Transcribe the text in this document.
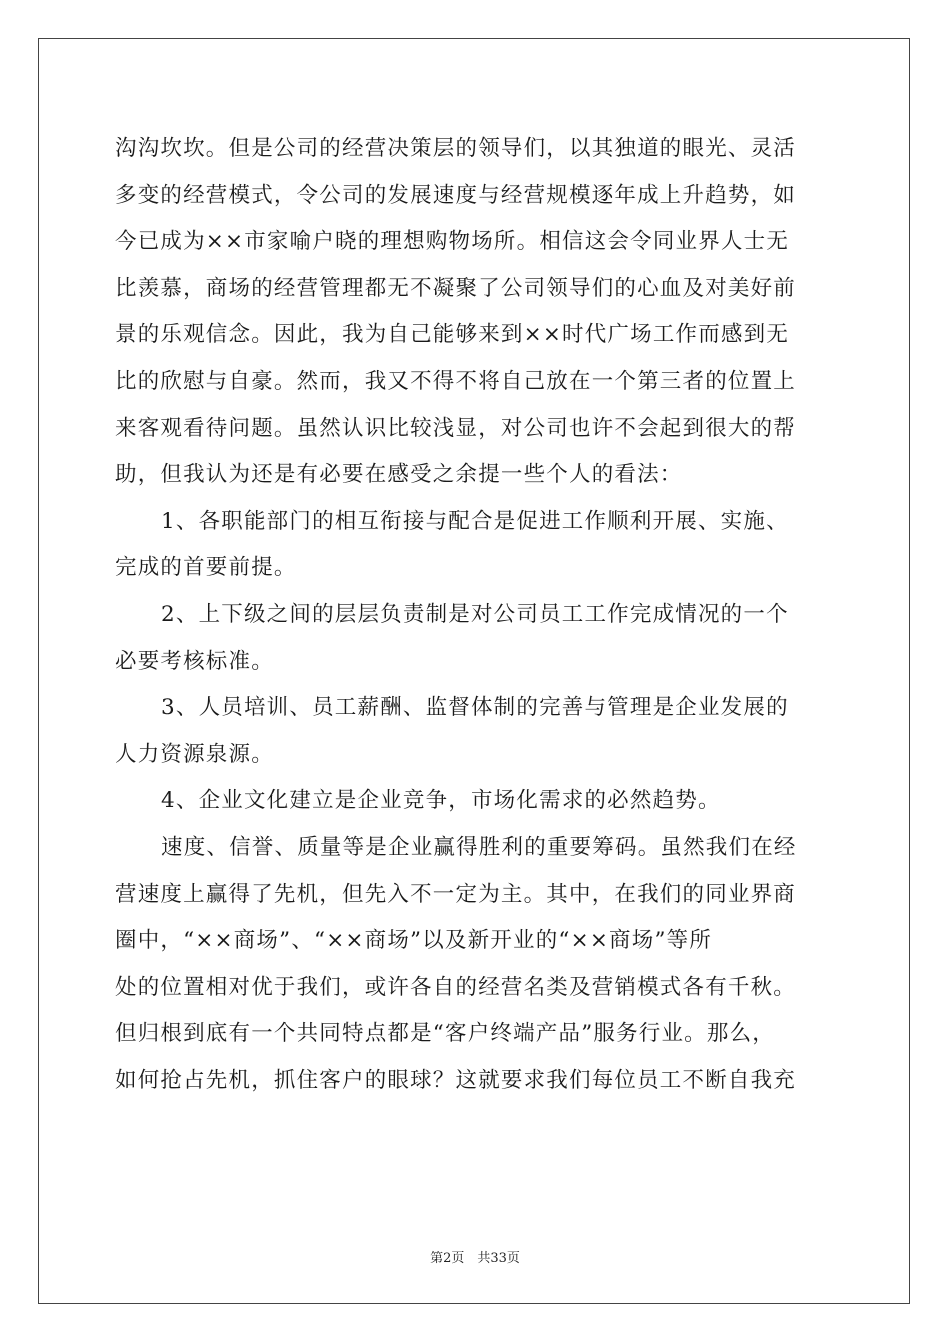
沟沟坎坎。但是公司的经营决策层的领导们，以其独道的眼光、灵活
多变的经营模式，令公司的发展速度与经营规模逐年成上升趋势，如
今已成为××市家喻户晓的理想购物场所。相信这会令同业界人士无
比羡慕，商场的经营管理都无不凝聚了公司领导们的心血及对美好前
景的乐观信念。因此，我为自己能够来到××时代广场工作而感到无
比的欣慰与自豪。然而，我又不得不将自己放在一个第三者的位置上
来客观看待问题。虽然认识比较浅显，对公司也许不会起到很大的帮
助，但我认为还是有必要在感受之余提一些个人的看法：
1、各职能部门的相互衔接与配合是促进工作顺利开展、实施、
完成的首要前提。
2、上下级之间的层层负责制是对公司员工工作完成情况的一个
必要考核标准。
3、人员培训、员工薪酬、监督体制的完善与管理是企业发展的
人力资源泉源。
4、企业文化建立是企业竞争，市场化需求的必然趋势。
速度、信誉、质量等是企业赢得胜利的重要筹码。虽然我们在经
营速度上赢得了先机，但先入不一定为主。其中，在我们的同业界商
圈中，“××商场”、“××商场”以及新开业的“××商场”等所
处的位置相对优于我们，或许各自的经营名类及营销模式各有千秋。
但归根到底有一个共同特点都是“客户终端产品”服务行业。那么，
如何抢占先机，抓住客户的眼球？这就要求我们每位员工不断自我充
第2页　共33页
